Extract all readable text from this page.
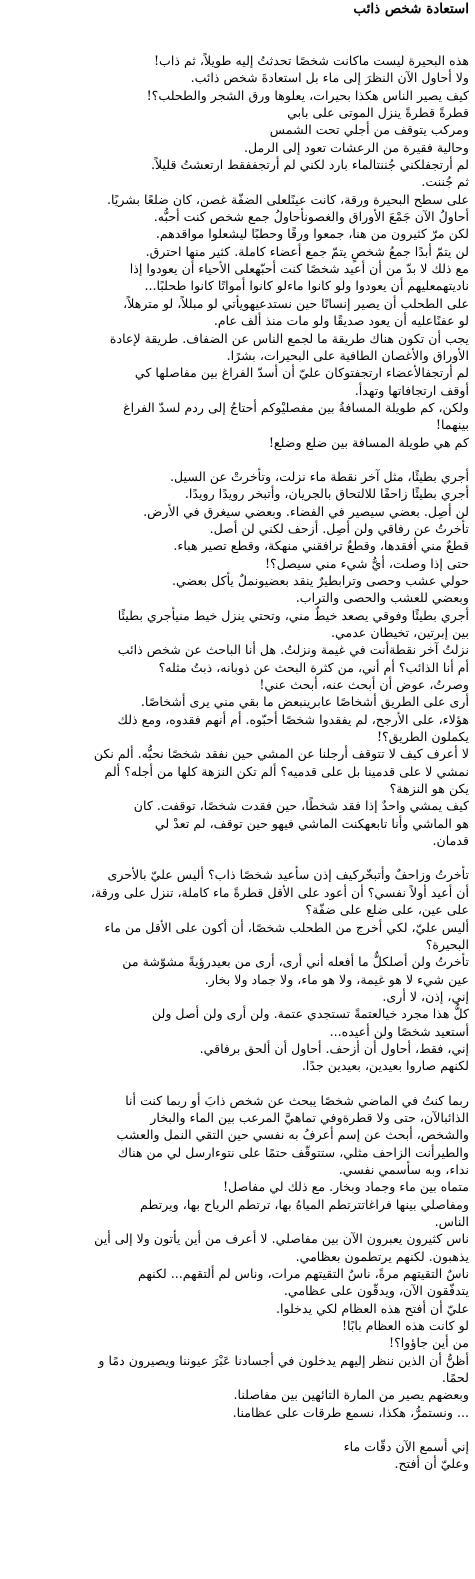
استعادة شخص ذائب
هذه البحيرة ليست ماكانت شخصًا تحدثتُ إليه طويلاً، ثم ذاب!
ولا أحاول الآن النظرَ إلى ماء بل استعادةَ شخص ذائب.
كيف يصير الناس هكذا بحيرات، يعلوها ورق الشجر والطحلب؟!
قطرةً قطرةً ينزل الموتى على بابي
ومركب يتوقف من أجلي تحت الشمس
وحالية فقيرة من الرعشات تعود إلى الرمل.
لم أرتجفلكني جُننتالماء بارد لكني لم أرتجففقط ارتعشتُ قليلاً.
ثم جُننت.
على سطح البحيرة ورقة، كانت عينًلعلى الضفّة غصن، كان ضلعًا بشريًا.
أحاولُ الآن جَمْعَ الأوراق والغصونأحاولُ جمع شخص كنت أحبُّه.
لكن مرّ كثيرون من هنا، جمعوا ورقًا وحطبًا ليشعلوا مواقدهم.
لن يتمّ أبدًا جمعُ شخصٍ يتمّ جمع أعضاء كاملة. كثير منها احترق.
مع ذلك لا بدّ من أن أعيد شخصًا كنت أحبّهعلى الأحياء أن يعودوا إذا
ناديتهمعليهم أن يعودوا ولو كانوا ماءلو كانوا أمواتًا كانوا طحلبًا...
على الطحلب أن يصير إنسانًا حين نستدعيهويأتي لو مبللاً، لو مترهلاً،
لو عفنًاعليه أن يعود صديقًا ولو مات منذ ألف عام.
يجب أن تكون هناك طريقة ما لجمع الناس عن الضفاف. طريقة لإعادة
الأوراق والأغصان الطافية على البحيرات، بشرًا.
لم أرتجفالأعضاء ارتجفتوكان عليّ أن أسدّ الفراغ بين مفاصلها كي
أوقف ارتجافاتها وتهدأ.
ولكن، كم طويلة المسافةُ بين مفصليْوكم أحتاجُ إلى ردم لسدّ الفراغ
بينهما!
كم هي طويلة المسافة بين ضلع وضلع!
أجري بطيئًا، مثل آخر نقطة ماء نزلت، وتأخرتْ عن السيل.
أجري بطيئًا زاحفًا للالتحاق بالجريان، وأتبخر رويدًا رويدًا.
لن أصِل. بعضي سيصير في الفضاء. وبعضي سيغرق في الأرض.
تأخرتُ عن رفاقي ولن أصِل. أزحف لكني لن أصل.
قطعٌ مني أفقدها، وقطعٌ ترافقني منهكة، وقطع تصير هباء.
حتى إذا وصلت، أيُّ شيء مني سيصل؟!
حولي عشب وحصى وترابطيرٌ ينقد بعضيونملٌ يأكل بعضي.
وبعضي للعشب والحصى والتراب.
أجري بطيئًا وفوقي يصعد خيطٌ مني، وتحتي ينزل خيط منيأجري بطيئًا
بين إبرتين، تخيطان عدمي.
نزلتُ آخر نقطةأنت في غيمة ونزلتُ. هل أنا الباحث عن شخص ذائب
أم أنا الذائب؟ أم أني، من كثرة البحث عن ذوبانه، ذبتُ مثله؟
وصرتُ، عوض أن أبحث عنه، أبحث عني!
أرى على الطريق أشخاصًا عابرينبعض ما بقي مني يرى أشخاصًا.
هؤلاء، على الأرجح، لم يفقدوا شخصًا أحبّوه. أم أنهم فقدوه، ومع ذلك
يكملون الطريق؟!
لا أعرف كيف لا تتوقف أرجلنا عن المشي حين نفقد شخصًا نحبُّه. ألم نكن
نمشي لا على قدمينا بل على قدميه؟ ألم تكن النزهة كلها من أجله؟ ألم
يكن هو النزهة؟
كيف يمشي واحدٌ إذا فقد شخطًا، حين فقدت شخصًا، توقفت. كان
هو الماشي وأنا تابعهكنت الماشي فيهو حين توقف، لم تعدْ لي
قدمان.
تأخرتُ وزاحفٌ وأتبخّركيف إذن سأعيد شخصًا ذاب؟ أليس عليّ بالأحرى
أن أعيد أولاً نفسي؟ أن أعود على الأقل قطرةً ماء كاملة، تنزل على ورقة،
على عين، على ضلع على ضفّة؟
أليس عليّ، لكي أخرج من الطحلب شخصًا، أن أكون على الأقل من ماء
البحيرة؟
تأخرتُ ولن أصلكلٌّ ما أفعله أني أرى، أرى من بعيدرؤيةً مشوّشة من
عين شيء لا هو غيمة، ولا هو ماء، ولا جماد ولا بخار.
إني، إذن، لا أرى.
كلُّ هذا مجرد خيالعتمةً تستجدي عتمة. ولن أرى ولن أصل ولن
أستعيد شخصًا ولن أعيده...
إني، فقط، أحاول أن أزحف. أحاول أن ألحق برفاقي.
لكنهم صاروا بعيدين، بعيدين جدًا.
ربما كنتُ في الماضي شخصًا يبحث عن شخص ذابَ أو ربما كنت أنا
الذائبالآن، حتى ولا قطرةوفي تماهيَّ المرعب بين الماء والبخار
والشخص، أبحث عن إسم أعرفُ به نفسي حين التقي النمل والعشب
والطيرأنت الزاحف مثلي، ستتوقّف حتمًا على نتوءارسل لي من هناك
نداء، وبه سأسمي نفسي.
متماه بين ماء وجماد وبخار. مع ذلك لي مفاصل!
ومفاصلي بينها فراغاتترتطم المياهُ بها، ترتطم الرياح بها، ويرتطم
الناس.
ناس كثيرون يعبرون الآن بين مفاصلي. لا أعرف من أين يأتون ولا إلى أين
يذهبون. لكنهم يرتطمون بعظامي.
ناسٌ التقيتهم مرةً، ناسٌ التقيتهم مرات، وناس لم ألتقهم... لكنهم
يتدفّقون الآن، ويدقّون على عظامي.
عليّ أن أفتح هذه العظام لكي يدخلوا.
لو كانت هذه العظام بابًا!
من أين جاؤوا؟!
أظنُّ أن الذين ننظر إليهم يدخلون في أجسادنا عَبْرَ عيوننا ويصيرون دمًا و
لحمًا.
وبعضهم يصير من المارة التائهين بين مفاصلنا.
... ونستمرُّ، هكذا، نسمع طرقات على عظامنا.
إني أسمع الآن دقّات ماء
وعليّ أن أفتح.
